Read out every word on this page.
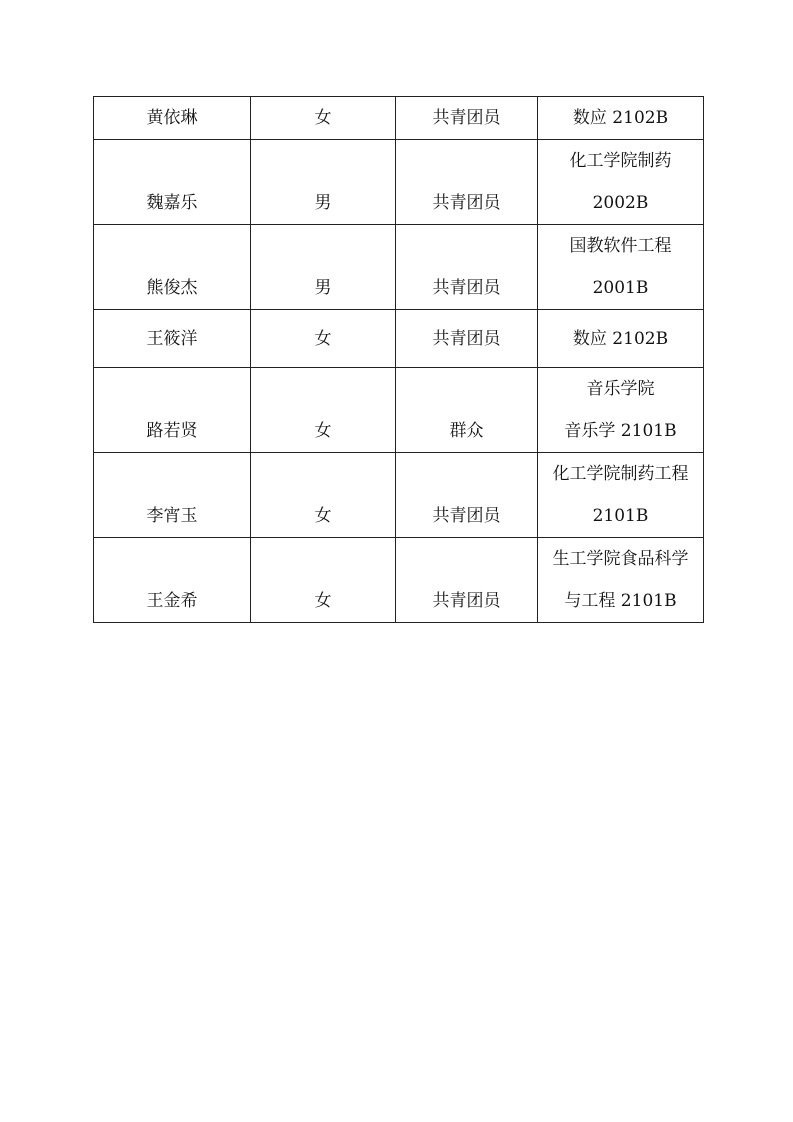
黄依琳	女	共青团员	数应 2102B

魏嘉乐	男	共青团员	化工学院制药
2002B

熊俊杰	男	共青团员	国教软件工程
2001B

王筱洋	女	共青团员	数应 2102B

路若贤	女	群众	音乐学院
音乐学 2101B

李宵玉	女	共青团员	化工学院制药工程
2101B

王金希	女	共青团员	生工学院食品科学
与工程 2101B
